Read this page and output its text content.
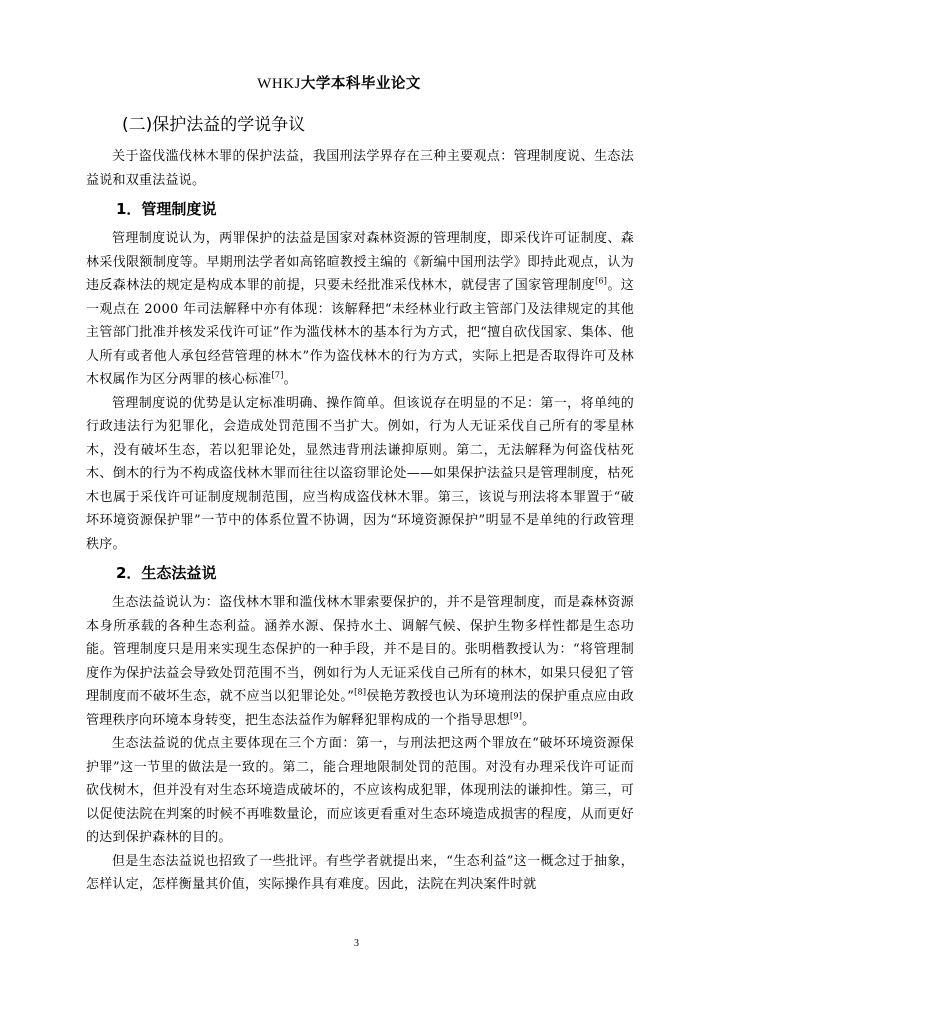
WHKJ大学本科毕业论文
(二)保护法益的学说争议

关于盗伐滥伐林木罪的保护法益，我国刑法学界存在三种主要观点：管理制度说、生态法益说和双重法益说。

1．管理制度说

管理制度说认为，两罪保护的法益是国家对森林资源的管理制度，即采伐许可证制度、森林采伐限额制度等。早期刑法学者如高铭暄教授主编的《新编中国刑法学》即持此观点，认为违反森林法的规定是构成本罪的前提，只要未经批准采伐林木，就侵害了国家管理制度[6]。这一观点在 2000 年司法解释中亦有体现：该解释把“未经林业行政主管部门及法律规定的其他主管部门批准并核发采伐许可证”作为滥伐林木的基本行为方式，把“擅自砍伐国家、集体、他人所有或者他人承包经营管理的林木”作为盗伐林木的行为方式，实际上把是否取得许可及林木权属作为区分两罪的核心标准[7]。

管理制度说的优势是认定标准明确、操作简单。但该说存在明显的不足：第一，将单纯的行政违法行为犯罪化，会造成处罚范围不当扩大。例如，行为人无证采伐自己所有的零星林木，没有破坏生态，若以犯罪论处，显然违背刑法谦抑原则。第二，无法解释为何盗伐枯死木、倒木的行为不构成盗伐林木罪而往往以盗窃罪论处——如果保护法益只是管理制度，枯死木也属于采伐许可证制度规制范围，应当构成盗伐林木罪。第三，该说与刑法将本罪置于“破坏环境资源保护罪”一节中的体系位置不协调，因为“环境资源保护”明显不是单纯的行政管理秩序。

2．生态法益说

生态法益说认为：盗伐林木罪和滥伐林木罪索要保护的，并不是管理制度，而是森林资源本身所承载的各种生态利益。涵养水源、保持水土、调解气候、保护生物多样性都是生态功能。管理制度只是用来实现生态保护的一种手段，并不是目的。张明楷教授认为：“将管理制度作为保护法益会导致处罚范围不当，例如行为人无证采伐自己所有的林木，如果只侵犯了管理制度而不破坏生态，就不应当以犯罪论处。”[8]侯艳芳教授也认为环境刑法的保护重点应由政管理秩序向环境本身转变，把生态法益作为解释犯罪构成的一个指导思想[9]。

生态法益说的优点主要体现在三个方面：第一，与刑法把这两个罪放在“破坏环境资源保护罪”这一节里的做法是一致的。第二，能合理地限制处罚的范围。对没有办理采伐许可证而砍伐树木，但并没有对生态环境造成破坏的，不应该构成犯罪，体现刑法的谦抑性。第三，可以促使法院在判案的时候不再唯数量论，而应该更看重对生态环境造成损害的程度，从而更好的达到保护森林的目的。

但是生态法益说也招致了一些批评。有些学者就提出来，“生态利益”这一概念过于抽象，怎样认定，怎样衡量其价值，实际操作具有难度。因此，法院在判决案件时就

3
